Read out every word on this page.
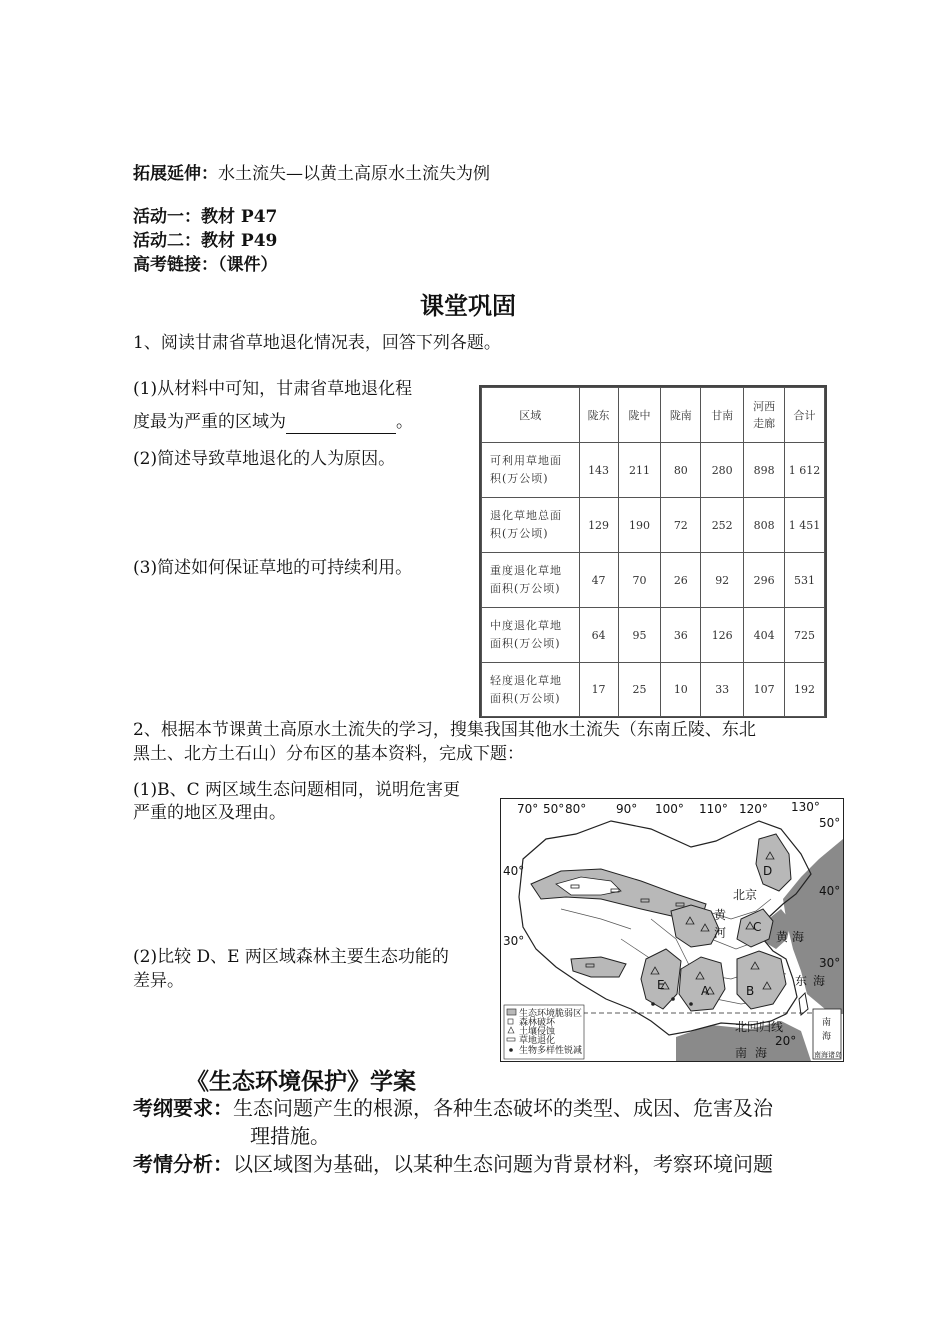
拓展延伸：水土流失—以黄土高原水土流失为例
活动一：教材 P47
活动二：教材 P49
高考链接：（课件）
课堂巩固
1、阅读甘肃省草地退化情况表，回答下列各题。
(1)从材料中可知，甘肃省草地退化程
度最为严重的区域为	。
(2)简述导致草地退化的人为原因。
(3)简述如何保证草地的可持续利用。
区域	陇东	陇中	陇南	甘南	河西走廊	合计
可利用草地面
积(万公顷)	143	211	80	280	898	1 612
退化草地总面
积(万公顷)	129	190	72	252	808	1 451
重度退化草地
面积(万公顷)	47	70	26	92	296	531
中度退化草地
面积(万公顷)	64	95	36	126	404	725
轻度退化草地
面积(万公顷)	17	25	10	33	107	192
2、根据本节课黄土高原水土流失的学习，搜集我国其他水土流失（东南丘陵、东北
黑土、北方土石山）分布区的基本资料，完成下题：
(1)B、C 两区域生态问题相同，说明危害更
严重的地区及理由。
(2)比较 D、E 两区域森林主要生态功能的
差异。
70° 50° 80° 90° 100° 110° 120° 130°
50°
40°
40°
30°
30°
20°
北京
黄
河	黄 海
东 海
北回归线
南 海
A	B
C
D
E
生态环境脆弱区
森林破坏
土壤侵蚀
草地退化
生物多样性锐减
南
海
南海诸岛
《生态环境保护》学案
考纲要求：生态问题产生的根源，各种生态破坏的类型、成因、危害及治
理措施。
考情分析：以区域图为基础，以某种生态问题为背景材料，考察环境问题
